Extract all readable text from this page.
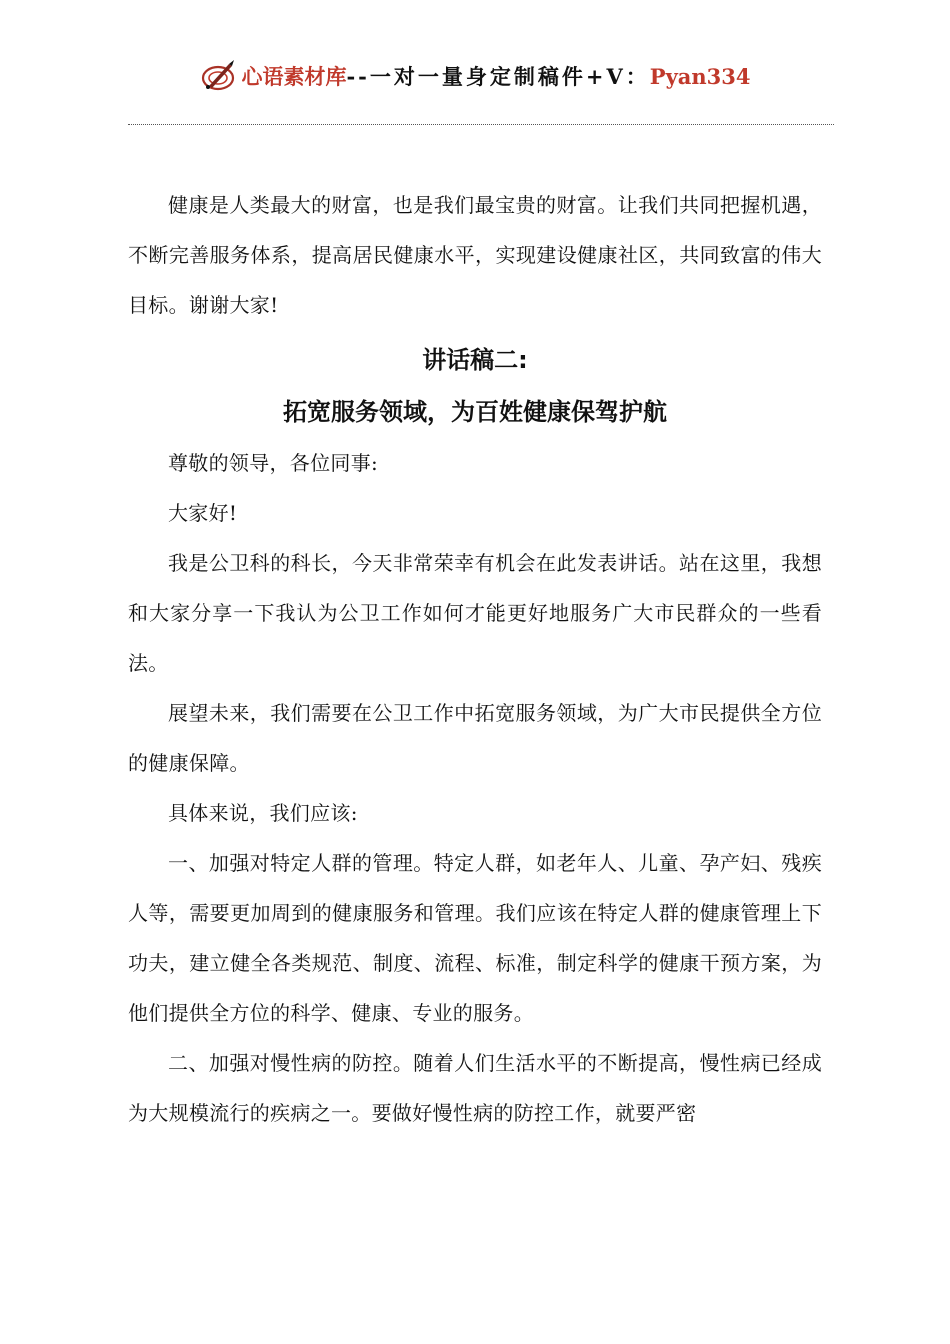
心语素材库--一对一量身定制稿件+V：Pyan334

健康是人类最大的财富，也是我们最宝贵的财富。让我们共同把握机遇，不断完善服务体系，提高居民健康水平，实现建设健康社区，共同致富的伟大目标。谢谢大家!

讲话稿二:
拓宽服务领域，为百姓健康保驾护航

尊敬的领导，各位同事:

大家好!

我是公卫科的科长，今天非常荣幸有机会在此发表讲话。站在这里，我想和大家分享一下我认为公卫工作如何才能更好地服务广大市民群众的一些看法。

展望未来，我们需要在公卫工作中拓宽服务领域，为广大市民提供全方位的健康保障。

具体来说，我们应该:

一、加强对特定人群的管理。特定人群，如老年人、儿童、孕产妇、残疾人等，需要更加周到的健康服务和管理。我们应该在特定人群的健康管理上下功夫，建立健全各类规范、制度、流程、标准，制定科学的健康干预方案，为他们提供全方位的科学、健康、专业的服务。

二、加强对慢性病的防控。随着人们生活水平的不断提高，慢性病已经成为大规模流行的疾病之一。要做好慢性病的防控工作，就要严密
